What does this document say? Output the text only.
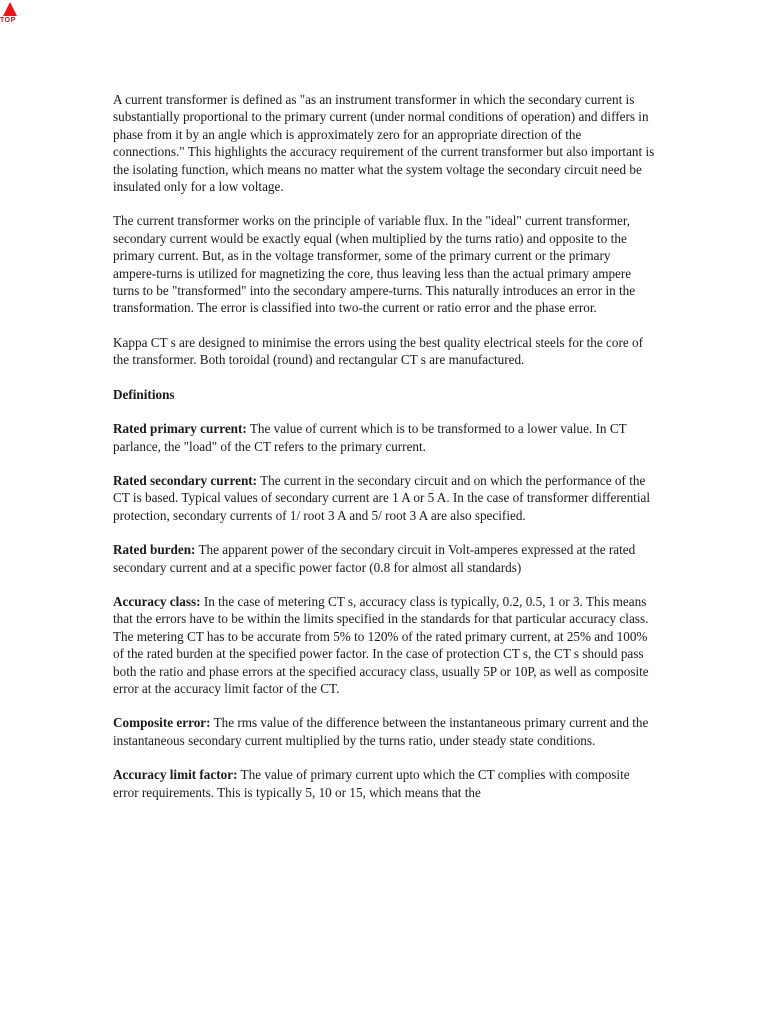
TOP

A current transformer is defined as "as an instrument transformer in which the secondary current is substantially proportional to the primary current (under normal conditions of operation) and differs in phase from it by an angle which is approximately zero for an appropriate direction of the connections." This highlights the accuracy requirement of the current transformer but also important is the isolating function, which means no matter what the system voltage the secondary circuit need be insulated only for a low voltage.

The current transformer works on the principle of variable flux. In the "ideal" current transformer, secondary current would be exactly equal (when multiplied by the turns ratio) and opposite to the primary current. But, as in the voltage transformer, some of the primary current or the primary ampere-turns is utilized for magnetizing the core, thus leaving less than the actual primary ampere turns to be "transformed" into the secondary ampere-turns. This naturally introduces an error in the transformation. The error is classified into two-the current or ratio error and the phase error.

Kappa CT s are designed to minimise the errors using the best quality electrical steels for the core of the transformer. Both toroidal (round) and rectangular CT s are manufactured.

Definitions

Rated primary current: The value of current which is to be transformed to a lower value. In CT parlance, the "load" of the CT refers to the primary current.

Rated secondary current: The current in the secondary circuit and on which the performance of the CT is based. Typical values of secondary current are 1 A or 5 A. In the case of transformer differential protection, secondary currents of 1/ root 3 A and 5/ root 3 A are also specified.

Rated burden: The apparent power of the secondary circuit in Volt-amperes expressed at the rated secondary current and at a specific power factor (0.8 for almost all standards)

Accuracy class: In the case of metering CT s, accuracy class is typically, 0.2, 0.5, 1 or 3. This means that the errors have to be within the limits specified in the standards for that particular accuracy class. The metering CT has to be accurate from 5% to 120% of the rated primary current, at 25% and 100% of the rated burden at the specified power factor. In the case of protection CT s, the CT s should pass both the ratio and phase errors at the specified accuracy class, usually 5P or 10P, as well as composite error at the accuracy limit factor of the CT.

Composite error: The rms value of the difference between the instantaneous primary current and the instantaneous secondary current multiplied by the turns ratio, under steady state conditions.

Accuracy limit factor: The value of primary current upto which the CT complies with composite error requirements. This is typically 5, 10 or 15, which means that the
